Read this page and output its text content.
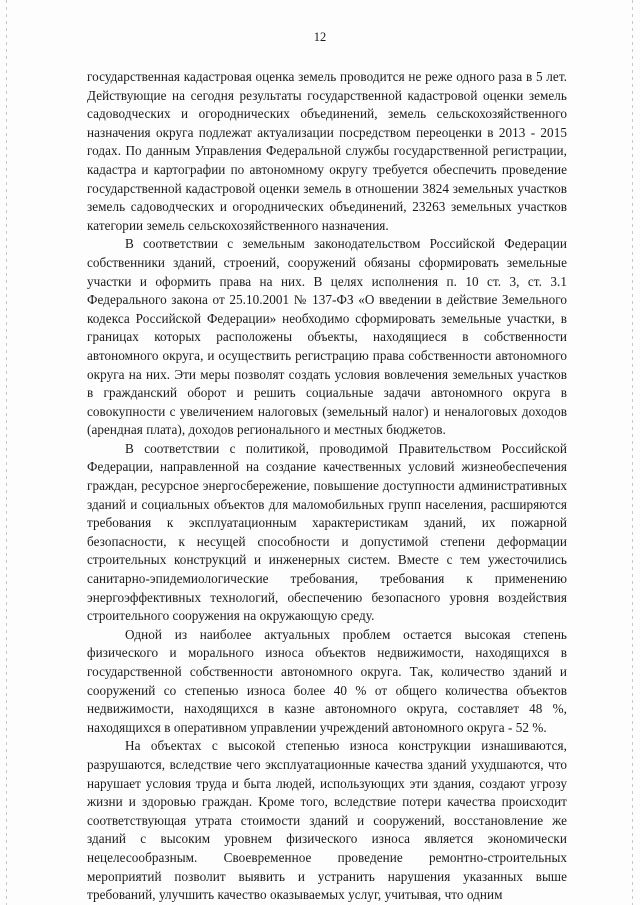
12

государственная кадастровая оценка земель проводится не реже одного раза в 5 лет. Действующие на сегодня результаты государственной кадастровой оценки земель садоводческих и огороднических объединений, земель сельскохозяйственного назначения округа подлежат актуализации посредством переоценки в 2013 - 2015 годах. По данным Управления Федеральной службы государственной регистрации, кадастра и картографии по автономному округу требуется обеспечить проведение государственной кадастровой оценки земель в отношении 3824 земельных участков земель садоводческих и огороднических объединений, 23263 земельных участков категории земель сельскохозяйственного назначения.

В соответствии с земельным законодательством Российской Федерации собственники зданий, строений, сооружений обязаны сформировать земельные участки и оформить права на них. В целях исполнения п. 10 ст. 3, ст. 3.1 Федерального закона от 25.10.2001 № 137-ФЗ «О введении в действие Земельного кодекса Российской Федерации» необходимо сформировать земельные участки, в границах которых расположены объекты, находящиеся в собственности автономного округа, и осуществить регистрацию права собственности автономного округа на них. Эти меры позволят создать условия вовлечения земельных участков в гражданский оборот и решить социальные задачи автономного округа в совокупности с увеличением налоговых (земельный налог) и неналоговых доходов (арендная плата), доходов регионального и местных бюджетов.

В соответствии с политикой, проводимой Правительством Российской Федерации, направленной на создание качественных условий жизнеобеспечения граждан, ресурсное энергосбережение, повышение доступности административных зданий и социальных объектов для маломобильных групп населения, расширяются требования к эксплуатационным характеристикам зданий, их пожарной безопасности, к несущей способности и допустимой степени деформации строительных конструкций и инженерных систем. Вместе с тем ужесточились санитарно-эпидемиологические требования, требования к применению энергоэффективных технологий, обеспечению безопасного уровня воздействия строительного сооружения на окружающую среду.

Одной из наиболее актуальных проблем остается высокая степень физического и морального износа объектов недвижимости, находящихся в государственной собственности автономного округа. Так, количество зданий и сооружений со степенью износа более 40 % от общего количества объектов недвижимости, находящихся в казне автономного округа, составляет 48 %, находящихся в оперативном управлении учреждений автономного округа - 52 %.

На объектах с высокой степенью износа конструкции изнашиваются, разрушаются, вследствие чего эксплуатационные качества зданий ухудшаются, что нарушает условия труда и быта людей, использующих эти здания, создают угрозу жизни и здоровью граждан. Кроме того, вследствие потери качества происходит соответствующая утрата стоимости зданий и сооружений, восстановление же зданий с высоким уровнем физического износа является экономически нецелесообразным. Своевременное проведение ремонтно-строительных мероприятий позволит выявить и устранить нарушения указанных выше требований, улучшить качество оказываемых услуг, учитывая, что одним
